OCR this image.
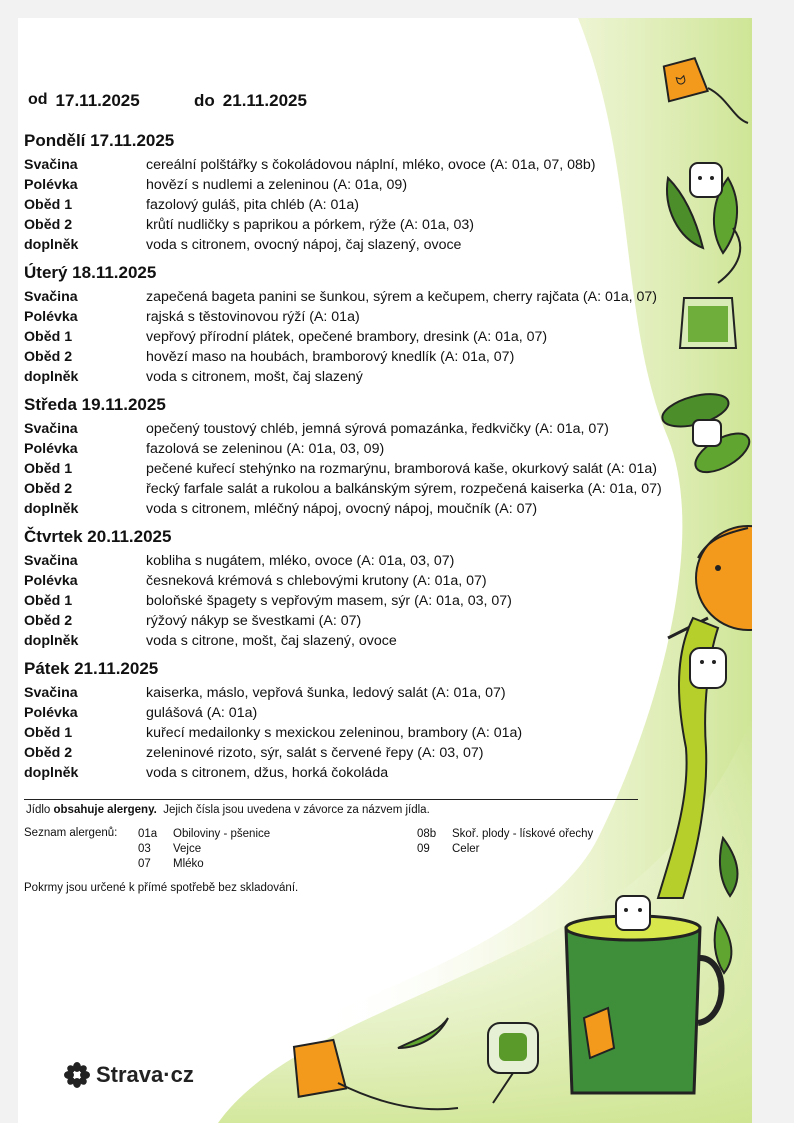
ᗢ
od 17.11.2025	do 21.11.2025
Pondělí 17.11.2025
Svačina	cereální polštářky s čokoládovou náplní, mléko, ovoce (A: 01a, 07, 08b)
Polévka	hovězí s nudlemi a zeleninou (A: 01a, 09)
Oběd 1	fazolový guláš, pita chléb (A: 01a)
Oběd 2	krůtí nudličky s paprikou a pórkem, rýže (A: 01a, 03)
doplněk	voda s citronem, ovocný nápoj, čaj slazený, ovoce
Úterý 18.11.2025
Svačina	zapečená bageta panini se šunkou, sýrem a kečupem, cherry rajčata (A: 01a, 07)
Polévka	rajská s těstovinovou rýží (A: 01a)
Oběd 1	vepřový přírodní plátek, opečené brambory, dresink (A: 01a, 07)
Oběd 2	hovězí maso na houbách, bramborový knedlík (A: 01a, 07)
doplněk	voda s citronem, mošt, čaj slazený
Středa 19.11.2025
Svačina	opečený toustový chléb, jemná sýrová pomazánka, ředkvičky (A: 01a, 07)
Polévka	fazolová se zeleninou (A: 01a, 03, 09)
Oběd 1	pečené kuřecí stehýnko na rozmarýnu, bramborová kaše, okurkový salát (A: 01a)
Oběd 2	řecký farfale salát a rukolou a balkánským sýrem, rozpečená kaiserka (A: 01a, 07)
doplněk	voda s citronem, mléčný nápoj, ovocný nápoj, moučník (A: 07)
Čtvrtek 20.11.2025
Svačina	kobliha s nugátem, mléko, ovoce (A: 01a, 03, 07)
Polévka	česneková krémová s chlebovými krutony (A: 01a, 07)
Oběd 1	boloňské špagety s vepřovým masem, sýr (A: 01a, 03, 07)
Oběd 2	rýžový nákyp se švestkami (A: 07)
doplněk	voda s citrone, mošt, čaj slazený, ovoce
Pátek 21.11.2025
Svačina	kaiserka, máslo, vepřová šunka, ledový salát (A: 01a, 07)
Polévka	gulášová (A: 01a)
Oběd 1	kuřecí medailonky s mexickou zeleninou, brambory (A: 01a)
Oběd 2	zeleninové rizoto, sýr, salát s červené řepy (A: 03, 07)
doplněk	voda s citronem, džus, horká čokoláda
Jídlo obsahuje alergeny.  Jejich čísla jsou uvedena v závorce za názvem jídla.
Seznam alergenů: 01a	Obiloviny - pšenice
03	Vejce
07	Mléko
08b	Skoř. plody - lískové ořechy
09	Celer
Pokrmy jsou určené k přímé spotřebě bez skladování.
Strava·cz
